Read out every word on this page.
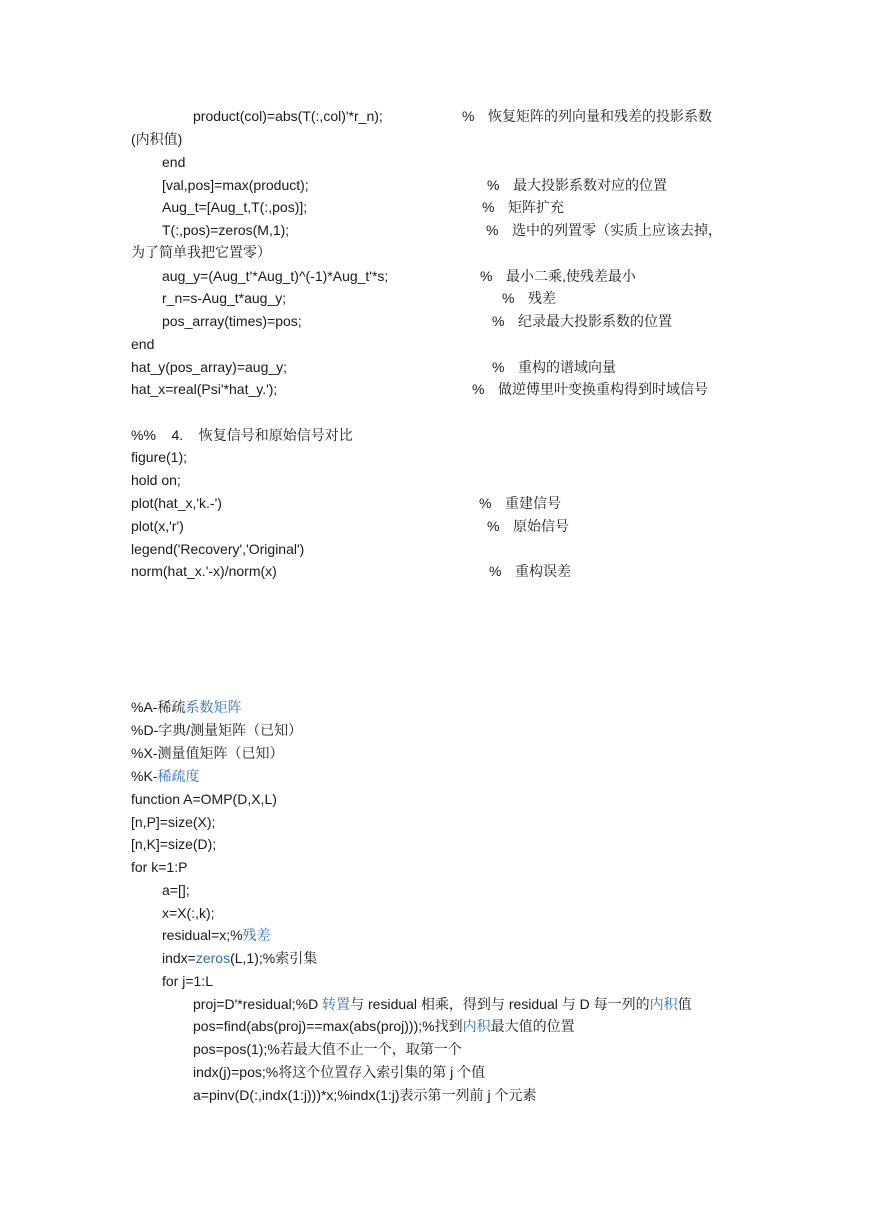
product(col)=abs(T(:,col)'*r_n);	% 恢复矩阵的列向量和残差的投影系数
(内积值)
end
[val,pos]=max(product);	% 最大投影系数对应的位置
Aug_t=[Aug_t,T(:,pos)];	% 矩阵扩充
T(:,pos)=zeros(M,1);	% 选中的列置零（实质上应该去掉，
为了简单我把它置零）
aug_y=(Aug_t'*Aug_t)^(-1)*Aug_t'*s;	% 最小二乘,使残差最小
r_n=s-Aug_t*aug_y;	% 残差
pos_array(times)=pos;	% 纪录最大投影系数的位置
end
hat_y(pos_array)=aug_y;	% 重构的谱域向量
hat_x=real(Psi'*hat_y.');	% 做逆傅里叶变换重构得到时域信号
%%    4.    恢复信号和原始信号对比
figure(1);
hold on;
plot(hat_x,'k.-')	% 重建信号
plot(x,'r')	% 原始信号
legend('Recovery','Original')
norm(hat_x.'-x)/norm(x)	% 重构误差
%A-稀疏系数矩阵
%D-字典/测量矩阵（已知）
%X-测量值矩阵（已知）
%K-稀疏度
function A=OMP(D,X,L)
[n,P]=size(X);
[n,K]=size(D);
for k=1:P
a=[];
x=X(:,k);
residual=x;%残差
indx=zeros(L,1);%索引集
for j=1:L
proj=D'*residual;%D 转置与 residual 相乘，得到与 residual 与 D 每一列的内积值
pos=find(abs(proj)==max(abs(proj)));%找到内积最大值的位置
pos=pos(1);%若最大值不止一个，取第一个
indx(j)=pos;%将这个位置存入索引集的第 j 个值
a=pinv(D(:,indx(1:j)))*x;%indx(1:j)表示第一列前 j 个元素
